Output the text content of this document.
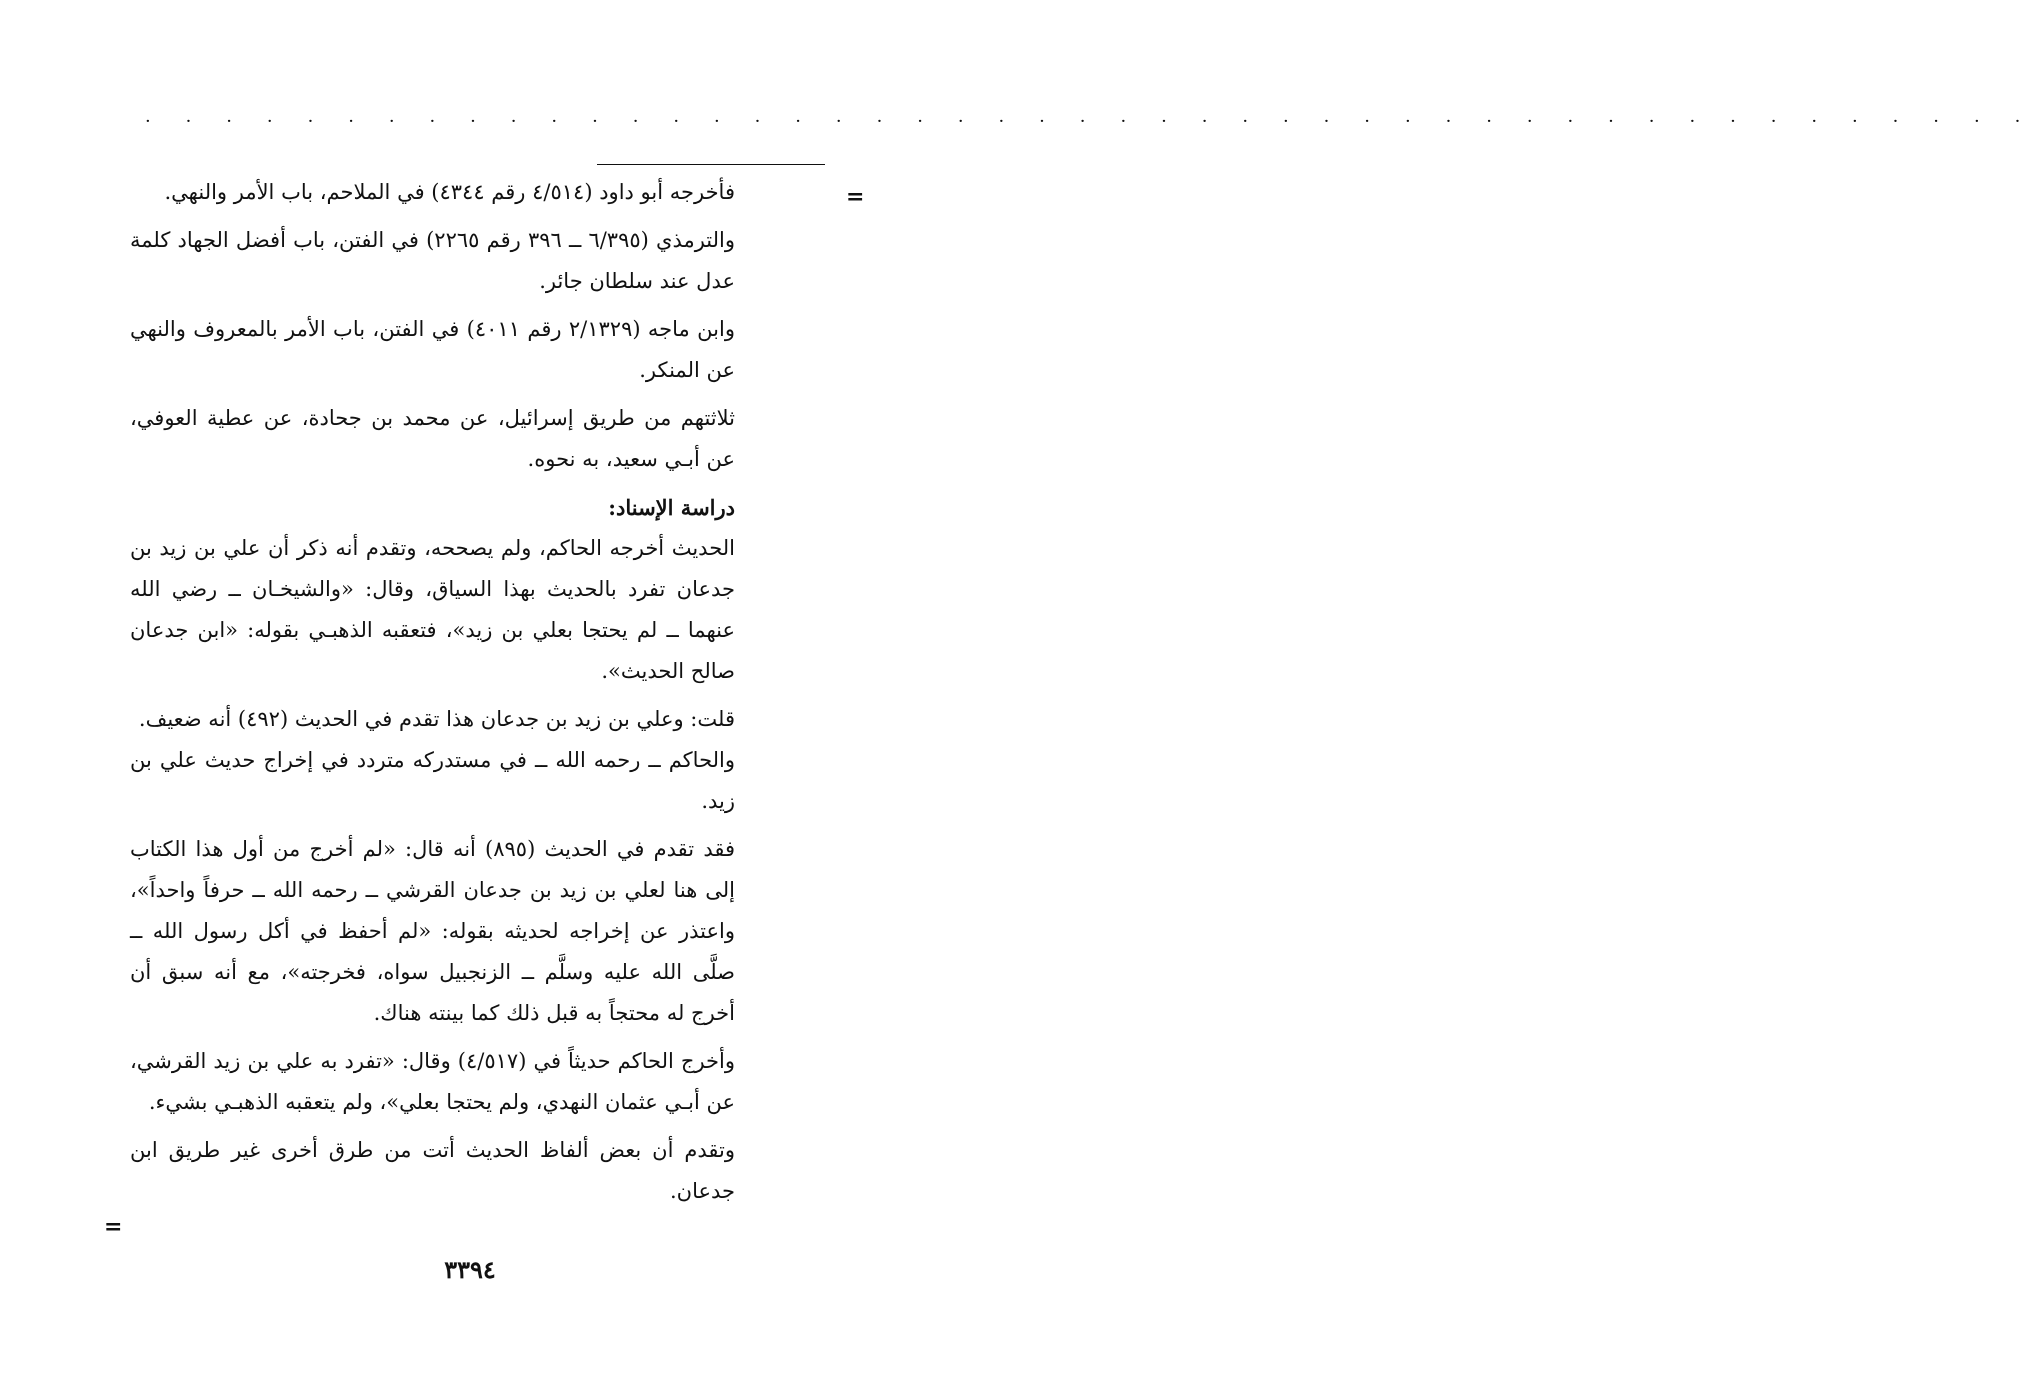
· · · · · · · · · · · · · · · · · · · · · · · · · · · · · · · · · · · · · · · · · · · · · · ·
=

فأخرجه أبو داود (٤/٥١٤ رقم ٤٣٤٤) في الملاحم، باب الأمر والنهي.

والترمذي (٦/٣٩٥ ــ ٣٩٦ رقم ٢٢٦٥) في الفتن، باب أفضل الجهاد كلمة عدل عند سلطان جائر.

وابن ماجه (٢/١٣٢٩ رقم ٤٠١١) في الفتن، باب الأمر بالمعروف والنهي عن المنكر.

ثلاثتهم من طريق إسرائيل، عن محمد بن جحادة، عن عطية العوفي، عن أبـي سعيد، به نحوه.

دراسة الإسناد:

الحديث أخرجه الحاكم، ولم يصححه، وتقدم أنه ذكر أن علي بن زيد بن جدعان تفرد بالحديث بهذا السياق، وقال: «والشيخـان ــ رضي الله عنهما ــ لم يحتجا بعلي بن زيد»، فتعقبه الذهبـي بقوله: «ابن جدعان صالح الحديث».

قلت: وعلي بن زيد بن جدعان هذا تقدم في الحديث (٤٩٢) أنه ضعيف.

والحاكم ــ رحمه الله ــ في مستدركه متردد في إخراج حديث علي بن زيد.

فقد تقدم في الحديث (٨٩٥) أنه قال: «لم أخرج من أول هذا الكتاب إلى هنا لعلي بن زيد بن جدعان القرشي ــ رحمه الله ــ حرفاً واحداً»، واعتذر عن إخراجه لحديثه بقوله: «لم أحفظ في أكل رسول الله ــ صلَّى الله عليه وسلَّم ــ الزنجبيل سواه، فخرجته»، مع أنه سبق أن أخرج له محتجاً به قبل ذلك كما بينته هناك.

وأخرج الحاكم حديثاً في (٤/٥١٧) وقال: «تفرد به علي بن زيد القرشي، عن أبـي عثمان النهدي، ولم يحتجا بعلي»، ولم يتعقبه الذهبـي بشيء.

وتقدم أن بعض ألفاظ الحديث أتت من طرق أخرى غير طريق ابن جدعان.

=
٣٣٩٤
